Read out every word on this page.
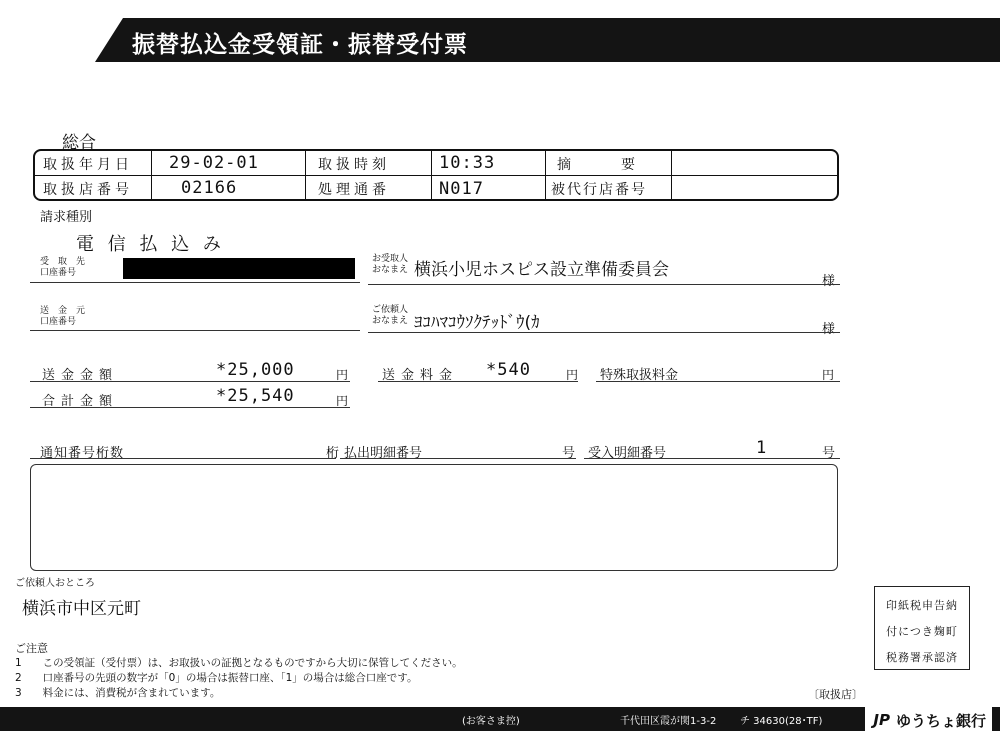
振替払込金受領証・振替受付票
総合
取扱年月日 29-02-01	取扱時刻	10:33	摘　　　要
取扱店番号	02166	処理通番	N017	被代行店番号
請求種別
電 信 払 込 み
受　取　先
口座番号
お受取人
おなまえ 横浜小児ホスピス設立準備委員会
様
送　金　元
口座番号
ご依頼人
おなまえ ﾖｺﾊﾏｺｳｿｸﾃｯﾄﾞｳ(ｶ	様
送金金額	*25,000	円	送金料金 *540	円 特殊取扱料金	円
合計金額	*25,540	円
通知番号桁数	桁 払出明細番号	号 受入明細番号	1	号
ご依頼人おところ
横浜市中区元町	印紙税申告納
付につき麹町
税務署承認済
ご注意
1　　この受領証（受付票）は、お取扱いの証拠となるものですから大切に保管してください。
2　　口座番号の先頭の数字が「0」の場合は振替口座、「1」の場合は総合口座です。
3　　料金には、消費税が含まれています。	〔取扱店〕
(お客さま控)	千代田区霞が関1-3-2 チ 34630(28･TF)	JP ゆうちょ銀行
